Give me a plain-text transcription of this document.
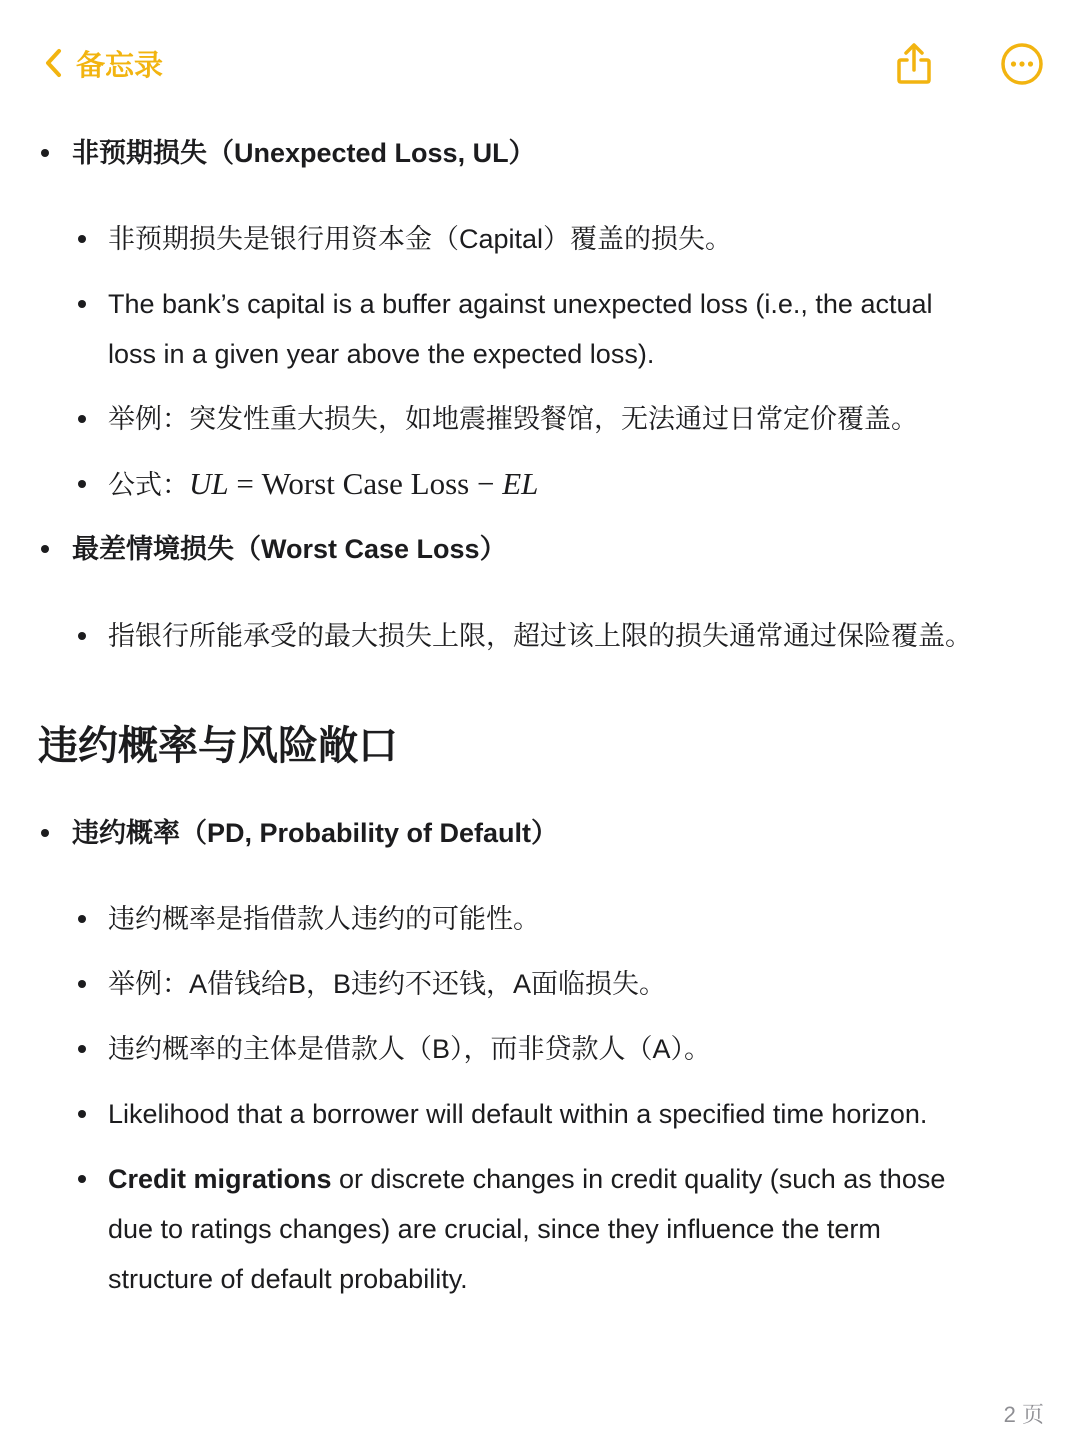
备忘录
非预期损失（Unexpected Loss, UL）
非预期损失是银行用资本金（Capital）覆盖的损失。
The bank’s capital is a buffer against unexpected loss (i.e., the actual
loss in a given year above the expected loss).
举例：突发性重大损失，如地震摧毁餐馆，无法通过日常定价覆盖。
公式：UL = Worst Case Loss − EL
最差情境损失（Worst Case Loss）
指银行所能承受的最大损失上限，超过该上限的损失通常通过保险覆盖。
违约概率与风险敞口
违约概率（PD, Probability of Default）
违约概率是指借款人违约的可能性。
举例：A借钱给B，B违约不还钱，A面临损失。
违约概率的主体是借款人（B），而非贷款人（A）。
Likelihood that a borrower will default within a specified time horizon.
Credit migrations or discrete changes in credit quality (such as those
due to ratings changes) are crucial, since they influence the term
structure of default probability.
2 页
